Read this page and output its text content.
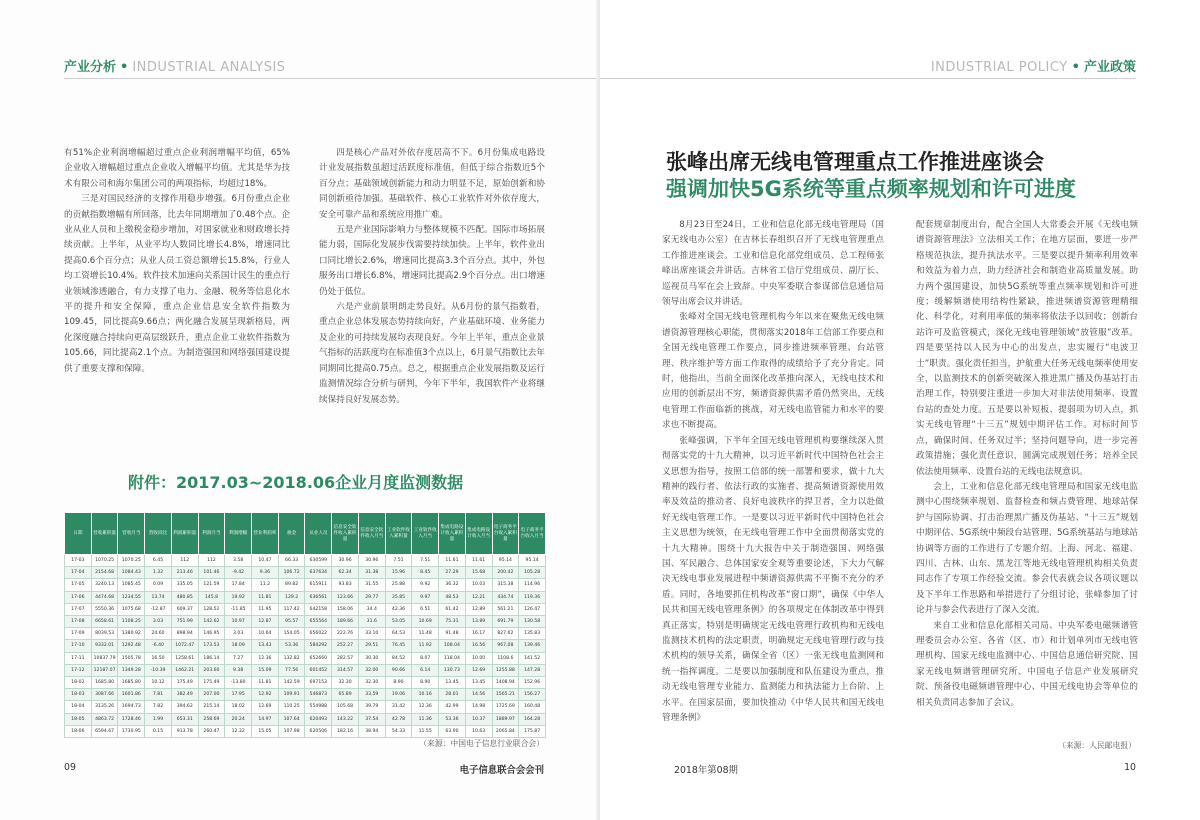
产业分析 • INDUSTRIAL ANALYSIS

有51%企业利润增幅超过重点企业利润增幅平均值，65%企业收入增幅超过重点企业收入增幅平均值。尤其是华为技术有限公司和海尔集团公司的两项指标，均超过18%。

三是对国民经济的支撑作用稳步增强。6月份重点企业的贡献指数增幅有所回落，比去年同期增加了0.48个点。企业从业人员和上缴税金稳步增加，对国家就业和财政增长持续贡献。上半年，从业平均人数同比增长4.8%，增速同比提高0.6个百分点；从业人员工资总额增长15.8%，行业人均工资增长10.4%。软件技术加速向关系国计民生的重点行业领域渗透融合，有力支撑了电力、金融、税务等信息化水平的提升和安全保障，重点企业信息安全软件指数为109.45，同比提高9.66点；两化融合发展呈现新格局，两化深度融合持续向更高层级跃升，重点企业工业软件指数为105.66，同比提高2.1个点。为制造强国和网络强国建设提供了重要支撑和保障。

四是核心产品对外依存度居高不下。6月份集成电路设计业发展指数虽超过活跃度标准值，但低于综合指数近5个百分点；基础领域创新能力和动力明显不足，原始创新和协同创新亟待加强。基础软件、核心工业软件对外依存度大，安全可靠产品和系统应用推广难。

五是产业国际影响力与整体规模不匹配。国际市场拓展能力弱，国际化发展步伐需要持续加快。上半年，软件业出口同比增长2.6%，增速同比提高3.3个百分点。其中，外包服务出口增长6.8%，增速同比提高2.9个百分点。出口增速仍处于低位。

六是产业前景明朗走势良好。从6月份的景气指数看，重点企业总体发展态势持续向好，产业基础环境、业务能力及企业的可持续发展均表现良好。今年上半年，重点企业景气指标的活跃度均在标准值3个点以上，6月景气指数比去年同期同比提高0.75点。总之，根据重点企业发展指数及运行监测情况综合分析与研判，今年下半年，我国软件产业将继续保持良好发展态势。

附件：2017.03~2018.06企业月度监测数据
日期	营收累积量	营收月当	营收同比	利润累积量	利润月当	利润增幅	营业利润率	税金	从业人员	信息安全软件收入累积量	信息安全软件收入月当	工业软件收入累积量	工业软件收入月当	集成电路设计收入累积量	集成电路设计收入月当	电子商务平台收入累积量	电子商务平台收入月当
17-03	1070.25	1070.25	6.45	112	112	3.58	10.47	66.33	630599	30.96	30.96	7.51	7.51	11.61	11.61	95.14	95.14
17-04	2154.68	1084.43	1.32	213.46	101.46	-9.42	9.36	106.72	637634	62.34	31.38	15.96	8.45	27.29	15.68	200.42	105.28
17-05	3240.13	1085.45	0.09	335.05	121.59	17.84	11.2	89.82	615911	93.83	31.55	25.88	9.92	36.32	10.03	315.38	114.96
17-06	4474.68	1234.55	13.74	480.85	145.8	19.92	11.81	129.2	636561	123.66	29.77	35.85	9.97	48.53	12.21	434.74	119.36
17-07	5550.36	1075.68	-12.87	609.37	128.52	-11.85	11.95	117.42	642158	158.06	34.4	42.36	6.51	61.42	12.89	561.21	126.47
17-08	6658.61	1108.25	3.03	751.99	142.62	10.97	12.87	95.57	655564	189.66	31.6	53.05	10.69	75.31	13.89	691.79	130.58
17-09	8039.53	1380.92	24.60	898.94	146.95	3.03	10.64	154.05	656022	222.76	33.10	64.53	11.48	91.48	16.17	827.62	135.83
17-10	9332.01	1292.48	-6.40	1072.47	173.53	18.09	13.43	53.36	584292	252.27	29.51	76.45	11.92	108.04	16.56	967.08	139.46
17-11	10837.79	1505.78	16.50	1258.61	186.14	7.27	12.36	132.82	652660	282.57	30.30	84.52	8.07	118.04	10.00	1108.6	141.52
17-12	12187.07	1349.28	-10.39	1462.21	203.60	9.38	15.09	77.56	601452	314.57	32.00	90.66	6.14	130.73	12.69	1255.88	147.28
18-02	1685.80	1685.80	10.12	175.49	175.49	-13.80	11.81	142.59	697153	32.30	32.30	8.90	8.90	13.45	13.45	1408.94	152.96
18-03	3087.66	1601.86	7.81	382.49	207.00	17.95	12.92	109.91	546873	65.89	33.59	19.06	10.16	28.01	14.56	1565.21	156.27
18-04	3135.26	1694.73	7.82	394.62	215.14	18.02	12.69	110.25	554988	105.68	39.79	31.42	12.36	42.99	14.98	1725.69	160.48
18-05	4863.72	1728.46	1.99	653.31	258.69	20.24	14.97	107.64	620493	143.22	37.54	42.78	11.36	53.36	10.37	1889.97	164.28
18-06	6594.67	1730.95	0.15	913.78	260.47	12.32	15.05	107.98	620506	182.16	38.94	54.33	11.55	63.90	10.63	2065.84	175.87
（来源：中国电子信息行业联合会）
09	电子信息联合会会刊
INDUSTRIAL POLICY • 产业政策
张峰出席无线电管理重点工作推进座谈会
强调加快5G系统等重点频率规划和许可进度

8月23日至24日，工业和信息化部无线电管理局（国家无线电办公室）在吉林长春组织召开了无线电管理重点工作推进座谈会。工业和信息化部党组成员、总工程师张峰出席座谈会并讲话。吉林省工信厅党组成员、副厅长、巡视员马军在会上致辞。中央军委联合参谋部信息通信局领导出席会议并讲话。

张峰对全国无线电管理机构今年以来在聚焦无线电频谱资源管理核心职能，贯彻落实2018年工信部工作要点和全国无线电管理工作要点，同步推进频率管理、台站管理、秩序维护等方面工作取得的成绩给予了充分肯定。同时，他指出，当前全面深化改革推向深入，无线电技术和应用的创新层出不穷，频谱资源供需矛盾仍然突出，无线电管理工作面临新的挑战，对无线电监管能力和水平的要求也不断提高。

张峰强调，下半年全国无线电管理机构要继续深入贯彻落实党的十九大精神，以习近平新时代中国特色社会主义思想为指导，按照工信部的统一部署和要求，做十九大精神的践行者、依法行政的实施者、提高频谱资源使用效率及效益的推动者、良好电波秩序的捍卫者，全力以赴做好无线电管理工作。一是要以习近平新时代中国特色社会主义思想为统领，在无线电管理工作中全面贯彻落实党的十九大精神。围绕十九大报告中关于制造强国、网络强国、军民融合、总体国家安全观等重要论述，下大力气解决无线电事业发展进程中频谱资源供需不平衡不充分的矛盾。同时，各地要抓住机构改革“窗口期”，确保《中华人民共和国无线电管理条例》的各项规定在体制改革中得到真正落实，特别是明确规定无线电管理行政机构和无线电监测技术机构的法定职责，明确规定无线电管理行政与技术机构的领导关系，确保全省（区）一张无线电监测网和统一指挥调度。二是要以加强制度和队伍建设为重点，推动无线电管理专业能力、监测能力和执法能力上台阶、上水平。在国家层面，要加快推动《中华人民共和国无线电管理条例》

配套规章制度出台，配合全国人大常委会开展《无线电频谱资源管理法》立法相关工作；在地方层面，要进一步严格规范执法，提升执法水平。三是要以提升频率利用效率和效益为着力点，助力经济社会和制造业高质量发展。助力两个强国建设，加快5G系统等重点频率规划和许可进度；缓解频谱使用结构性紧缺，推进频谱资源管理精细化、科学化，对利用率低的频率将依法予以回收；创新台站许可及监管模式，深化无线电管理领域“放管服”改革。四是要坚持以人民为中心的出发点，忠实履行“电波卫士”职责。强化责任担当，护航重大任务无线电频率使用安全，以监测技术的创新突破深入推进黑广播及伪基站打击治理工作，特别要注重进一步加大对非法使用频率、设置台站的查处力度。五是要以补短板、提弱项为切入点，抓实无线电管理“十三五”规划中期评估工作。对标时间节点，确保时间、任务双过半；坚持问题导向，进一步完善政策措施；强化责任意识，圆满完成规划任务；培养全民依法使用频率、设置台站的无线电法规意识。

会上，工业和信息化部无线电管理局和国家无线电监测中心围绕频率规划、监督检查和频占费管理、地球站保护与国际协调、打击治理黑广播及伪基站、“十三五”规划中期评估、5G系统中频段台站管理、5G系统基站与地球站协调等方面的工作进行了专题介绍。上海、河北、福建、四川、吉林、山东、黑龙江等地无线电管理机构相关负责同志作了专项工作经验交流。参会代表就会议各项议题以及下半年工作思路和举措进行了分组讨论，张峰参加了讨论并与参会代表进行了深入交流。

来自工业和信息化部相关司局、中央军委电磁频谱管理委员会办公室、各省（区、市）和计划单列市无线电管理机构、国家无线电监测中心、中国信息通信研究院、国家无线电频谱管理研究所、中国电子信息产业发展研究院、预备役电磁频谱管理中心、中国无线电协会等单位的相关负责同志参加了会议。

（来源：人民邮电报）
2018年第08期	10
